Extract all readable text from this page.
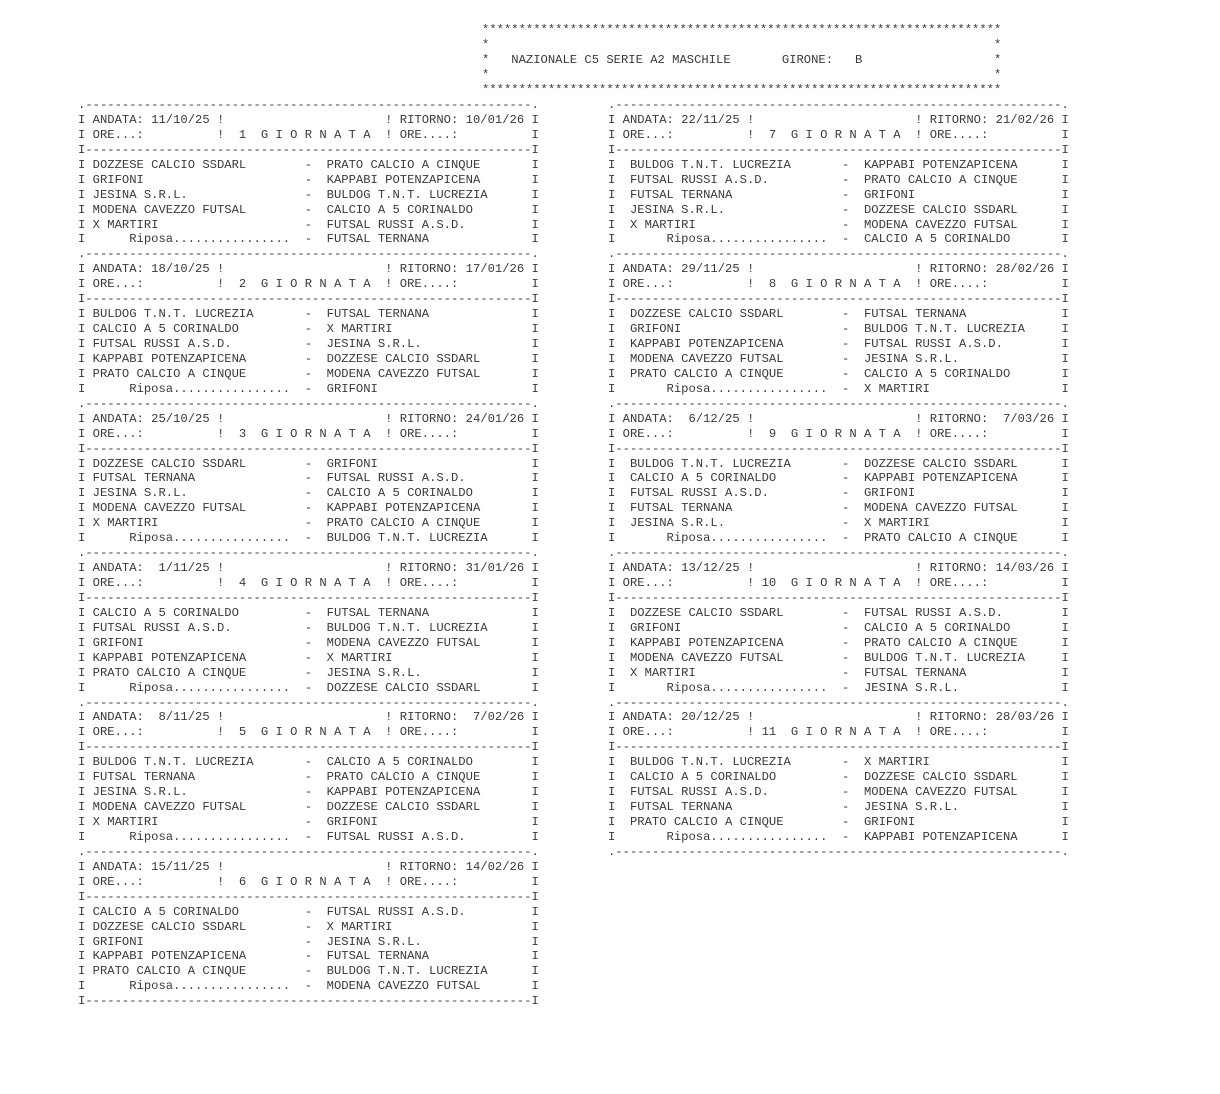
***********************************************************************
*                                                                     *
*   NAZIONALE C5 SERIE A2 MASCHILE       GIRONE:   B                  *
*                                                                     *
***********************************************************************
.-------------------------------------------------------------.
I ANDATA: 11/10/25 !                      ! RITORNO: 10/01/26 I
I ORE...:          !  1  G I O R N A T A  ! ORE....:          I
I-------------------------------------------------------------I
I DOZZESE CALCIO SSDARL        -  PRATO CALCIO A CINQUE       I
I GRIFONI                      -  KAPPABI POTENZAPICENA       I
I JESINA S.R.L.                -  BULDOG T.N.T. LUCREZIA      I
I MODENA CAVEZZO FUTSAL        -  CALCIO A 5 CORINALDO        I
I X MARTIRI                    -  FUTSAL RUSSI A.S.D.         I
I      Riposa................  -  FUTSAL TERNANA              I
.-------------------------------------------------------------.
I ANDATA: 18/10/25 !                      ! RITORNO: 17/01/26 I
I ORE...:          !  2  G I O R N A T A  ! ORE....:          I
I-------------------------------------------------------------I
I BULDOG T.N.T. LUCREZIA       -  FUTSAL TERNANA              I
I CALCIO A 5 CORINALDO         -  X MARTIRI                   I
I FUTSAL RUSSI A.S.D.          -  JESINA S.R.L.               I
I KAPPABI POTENZAPICENA        -  DOZZESE CALCIO SSDARL       I
I PRATO CALCIO A CINQUE        -  MODENA CAVEZZO FUTSAL       I
I      Riposa................  -  GRIFONI                     I
.-------------------------------------------------------------.
I ANDATA: 25/10/25 !                      ! RITORNO: 24/01/26 I
I ORE...:          !  3  G I O R N A T A  ! ORE....:          I
I-------------------------------------------------------------I
I DOZZESE CALCIO SSDARL        -  GRIFONI                     I
I FUTSAL TERNANA               -  FUTSAL RUSSI A.S.D.         I
I JESINA S.R.L.                -  CALCIO A 5 CORINALDO        I
I MODENA CAVEZZO FUTSAL        -  KAPPABI POTENZAPICENA       I
I X MARTIRI                    -  PRATO CALCIO A CINQUE       I
I      Riposa................  -  BULDOG T.N.T. LUCREZIA      I
.-------------------------------------------------------------.
I ANDATA:  1/11/25 !                      ! RITORNO: 31/01/26 I
I ORE...:          !  4  G I O R N A T A  ! ORE....:          I
I-------------------------------------------------------------I
I CALCIO A 5 CORINALDO         -  FUTSAL TERNANA              I
I FUTSAL RUSSI A.S.D.          -  BULDOG T.N.T. LUCREZIA      I
I GRIFONI                      -  MODENA CAVEZZO FUTSAL       I
I KAPPABI POTENZAPICENA        -  X MARTIRI                   I
I PRATO CALCIO A CINQUE        -  JESINA S.R.L.               I
I      Riposa................  -  DOZZESE CALCIO SSDARL       I
.-------------------------------------------------------------.
I ANDATA:  8/11/25 !                      ! RITORNO:  7/02/26 I
I ORE...:          !  5  G I O R N A T A  ! ORE....:          I
I-------------------------------------------------------------I
I BULDOG T.N.T. LUCREZIA       -  CALCIO A 5 CORINALDO        I
I FUTSAL TERNANA               -  PRATO CALCIO A CINQUE       I
I JESINA S.R.L.                -  KAPPABI POTENZAPICENA       I
I MODENA CAVEZZO FUTSAL        -  DOZZESE CALCIO SSDARL       I
I X MARTIRI                    -  GRIFONI                     I
I      Riposa................  -  FUTSAL RUSSI A.S.D.         I
.-------------------------------------------------------------.
I ANDATA: 15/11/25 !                      ! RITORNO: 14/02/26 I
I ORE...:          !  6  G I O R N A T A  ! ORE....:          I
I-------------------------------------------------------------I
I CALCIO A 5 CORINALDO         -  FUTSAL RUSSI A.S.D.         I
I DOZZESE CALCIO SSDARL        -  X MARTIRI                   I
I GRIFONI                      -  JESINA S.R.L.               I
I KAPPABI POTENZAPICENA        -  FUTSAL TERNANA              I
I PRATO CALCIO A CINQUE        -  BULDOG T.N.T. LUCREZIA      I
I      Riposa................  -  MODENA CAVEZZO FUTSAL       I
I-------------------------------------------------------------I
.-------------------------------------------------------------.
I ANDATA: 22/11/25 !                      ! RITORNO: 21/02/26 I
I ORE...:          !  7  G I O R N A T A  ! ORE....:          I
I-------------------------------------------------------------I
I  BULDOG T.N.T. LUCREZIA       -  KAPPABI POTENZAPICENA      I
I  FUTSAL RUSSI A.S.D.          -  PRATO CALCIO A CINQUE      I
I  FUTSAL TERNANA               -  GRIFONI                    I
I  JESINA S.R.L.                -  DOZZESE CALCIO SSDARL      I
I  X MARTIRI                    -  MODENA CAVEZZO FUTSAL      I
I       Riposa................  -  CALCIO A 5 CORINALDO       I
.-------------------------------------------------------------.
I ANDATA: 29/11/25 !                      ! RITORNO: 28/02/26 I
I ORE...:          !  8  G I O R N A T A  ! ORE....:          I
I-------------------------------------------------------------I
I  DOZZESE CALCIO SSDARL        -  FUTSAL TERNANA             I
I  GRIFONI                      -  BULDOG T.N.T. LUCREZIA     I
I  KAPPABI POTENZAPICENA        -  FUTSAL RUSSI A.S.D.        I
I  MODENA CAVEZZO FUTSAL        -  JESINA S.R.L.              I
I  PRATO CALCIO A CINQUE        -  CALCIO A 5 CORINALDO       I
I       Riposa................  -  X MARTIRI                  I
.-------------------------------------------------------------.
I ANDATA:  6/12/25 !                      ! RITORNO:  7/03/26 I
I ORE...:          !  9  G I O R N A T A  ! ORE....:          I
I-------------------------------------------------------------I
I  BULDOG T.N.T. LUCREZIA       -  DOZZESE CALCIO SSDARL      I
I  CALCIO A 5 CORINALDO         -  KAPPABI POTENZAPICENA      I
I  FUTSAL RUSSI A.S.D.          -  GRIFONI                    I
I  FUTSAL TERNANA               -  MODENA CAVEZZO FUTSAL      I
I  JESINA S.R.L.                -  X MARTIRI                  I
I       Riposa................  -  PRATO CALCIO A CINQUE      I
.-------------------------------------------------------------.
I ANDATA: 13/12/25 !                      ! RITORNO: 14/03/26 I
I ORE...:          ! 10  G I O R N A T A  ! ORE....:          I
I-------------------------------------------------------------I
I  DOZZESE CALCIO SSDARL        -  FUTSAL RUSSI A.S.D.        I
I  GRIFONI                      -  CALCIO A 5 CORINALDO       I
I  KAPPABI POTENZAPICENA        -  PRATO CALCIO A CINQUE      I
I  MODENA CAVEZZO FUTSAL        -  BULDOG T.N.T. LUCREZIA     I
I  X MARTIRI                    -  FUTSAL TERNANA             I
I       Riposa................  -  JESINA S.R.L.              I
.-------------------------------------------------------------.
I ANDATA: 20/12/25 !                      ! RITORNO: 28/03/26 I
I ORE...:          ! 11  G I O R N A T A  ! ORE....:          I
I-------------------------------------------------------------I
I  BULDOG T.N.T. LUCREZIA       -  X MARTIRI                  I
I  CALCIO A 5 CORINALDO         -  DOZZESE CALCIO SSDARL      I
I  FUTSAL RUSSI A.S.D.          -  MODENA CAVEZZO FUTSAL      I
I  FUTSAL TERNANA               -  JESINA S.R.L.              I
I  PRATO CALCIO A CINQUE        -  GRIFONI                    I
I       Riposa................  -  KAPPABI POTENZAPICENA      I
.-------------------------------------------------------------.
